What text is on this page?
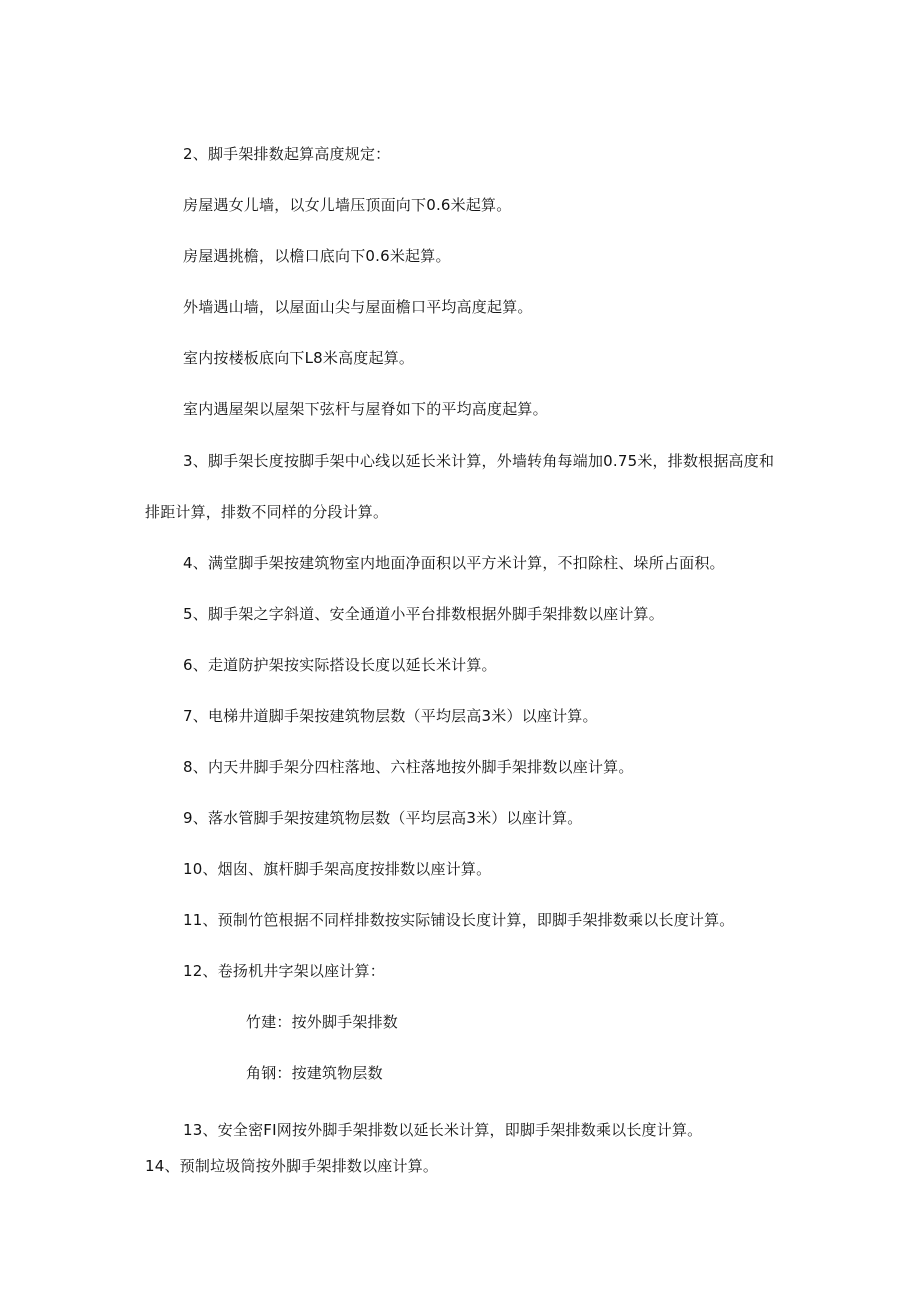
2、脚手架排数起算高度规定：
房屋遇女儿墙，以女儿墙压顶面向下0.6米起算。
房屋遇挑檐，以檐口底向下0.6米起算。
外墙遇山墙，以屋面山尖与屋面檐口平均高度起算。
室内按楼板底向下L8米高度起算。
室内遇屋架以屋架下弦杆与屋脊如下的平均高度起算。
3、脚手架长度按脚手架中心线以延长米计算，外墙转角每端加0.75米，排数根据高度和
排距计算，排数不同样的分段计算。
4、满堂脚手架按建筑物室内地面净面积以平方米计算，不扣除柱、垛所占面积。
5、脚手架之字斜道、安全通道小平台排数根据外脚手架排数以座计算。
6、走道防护架按实际搭设长度以延长米计算。
7、电梯井道脚手架按建筑物层数（平均层高3米）以座计算。
8、内天井脚手架分四柱落地、六柱落地按外脚手架排数以座计算。
9、落水管脚手架按建筑物层数（平均层高3米）以座计算。
10、烟囱、旗杆脚手架高度按排数以座计算。
11、预制竹笆根据不同样排数按实际铺设长度计算，即脚手架排数乘以长度计算。
12、卷扬机井字架以座计算：
竹建：按外脚手架排数
角钢：按建筑物层数
13、安全密FI网按外脚手架排数以延长米计算，即脚手架排数乘以长度计算。
14、预制垃圾筒按外脚手架排数以座计算。
